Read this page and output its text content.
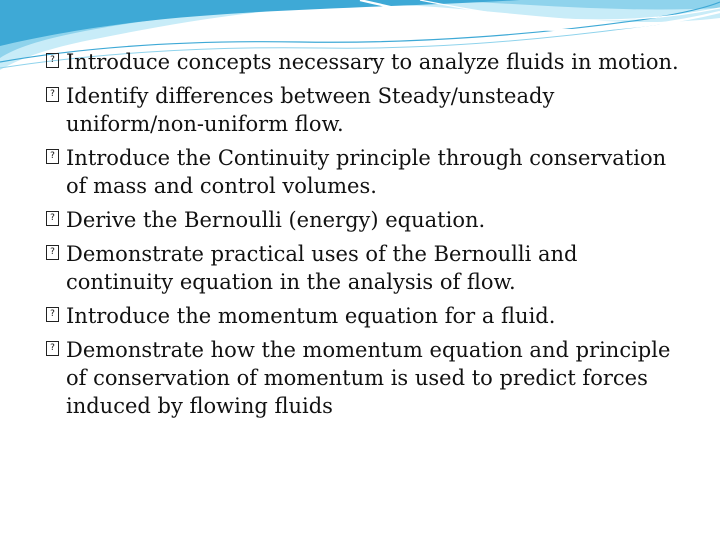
? Introduce concepts necessary to analyze fluids in motion.
? Identify differences between Steady/unsteady uniform/non-uniform flow.
? Introduce the Continuity principle through conservation of mass and control volumes.
? Derive the Bernoulli (energy) equation.
? Demonstrate practical uses of the Bernoulli and continuity equation in the analysis of flow.
? Introduce the momentum equation for a fluid.
? Demonstrate how the momentum equation and principle of conservation of momentum is used to predict forces induced by flowing fluids
